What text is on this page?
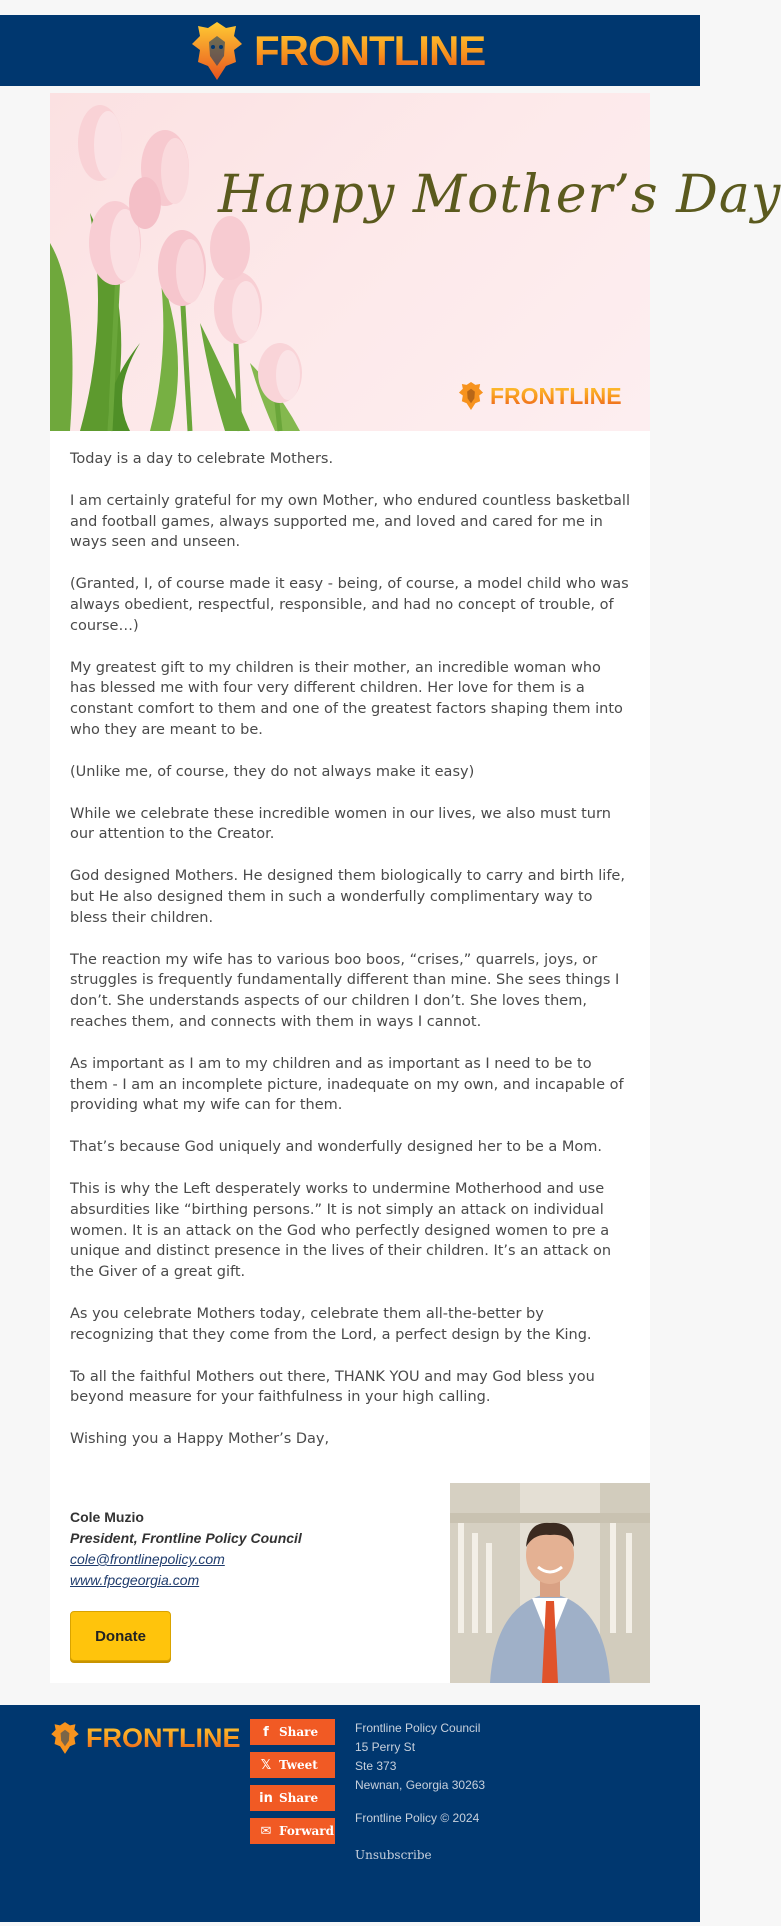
FRONTLINE
Happy Mother’s Day
FRONTLINE

Today is a day to celebrate Mothers.

I am certainly grateful for my own Mother, who endured countless basketball and football games, always supported me, and loved and cared for me in ways seen and unseen.

(Granted, I, of course made it easy - being, of course, a model child who was always obedient, respectful, responsible, and had no concept of trouble, of course…)

My greatest gift to my children is their mother, an incredible woman who has blessed me with four very different children. Her love for them is a constant comfort to them and one of the greatest factors shaping them into who they are meant to be.

(Unlike me, of course, they do not always make it easy)

While we celebrate these incredible women in our lives, we also must turn our attention to the Creator.

God designed Mothers. He designed them biologically to carry and birth life, but He also designed them in such a wonderfully complimentary way to bless their children.

The reaction my wife has to various boo boos, “crises,” quarrels, joys, or struggles is frequently fundamentally different than mine. She sees things I don’t. She understands aspects of our children I don’t. She loves them, reaches them, and connects with them in ways I cannot.

As important as I am to my children and as important as I need to be to them - I am an incomplete picture, inadequate on my own, and incapable of providing what my wife can for them.

That’s because God uniquely and wonderfully designed her to be a Mom.

This is why the Left desperately works to undermine Motherhood and use absurdities like “birthing persons.” It is not simply an attack on individual women. It is an attack on the God who perfectly designed women to pre a unique and distinct presence in the lives of their children. It’s an attack on the Giver of a great gift.

As you celebrate Mothers today, celebrate them all-the-better by recognizing that they come from the Lord, a perfect design by the King.

To all the faithful Mothers out there, THANK YOU and may God bless you beyond measure for your faithfulness in your high calling.

Wishing you a Happy Mother’s Day,

Cole Muzio
President, Frontline Policy Council
cole@frontlinepolicy.com
www.fpcgeorgia.com
Donate
FRONTLINE	f Share
𝕏 Tweet
in Share
✉ Forward
Frontline Policy Council
15 Perry St
Ste 373
Newnan, Georgia 30263
Frontline Policy © 2024
Unsubscribe
